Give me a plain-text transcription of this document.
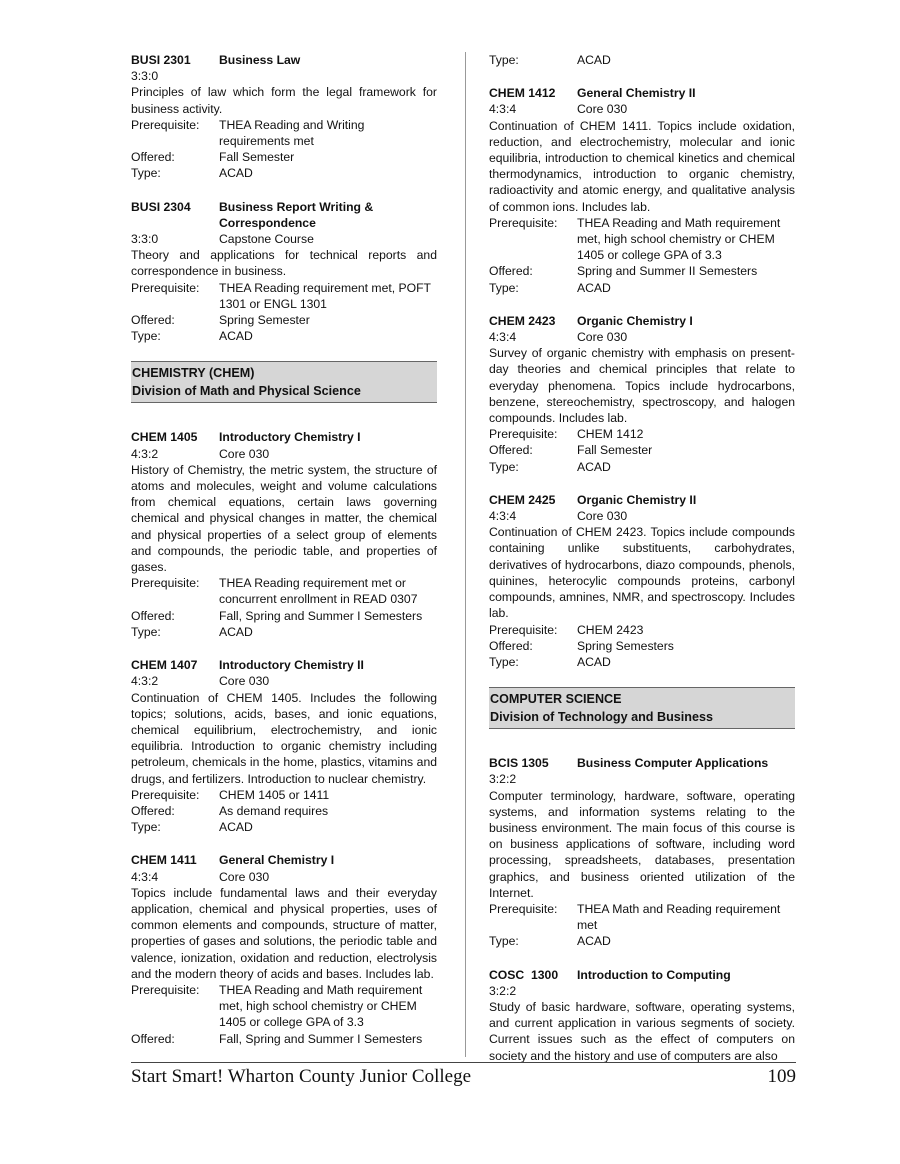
BUSI 2301	Business Law
3:3:0
Principles of law which form the legal framework for business activity.
Prerequisite:	THEA Reading and Writing requirements met
Offered:	Fall Semester
Type:	ACAD
BUSI 2304	Business Report Writing & Correspondence
3:3:0	Capstone Course
Theory and applications for technical reports and correspondence in business.
Prerequisite:	THEA Reading requirement met, POFT 1301 or ENGL 1301
Offered:	Spring Semester
Type:	ACAD
CHEMISTRY (CHEM)
Division of Math and Physical Science
CHEM 1405	Introductory Chemistry I
4:3:2	Core 030
History of Chemistry, the metric system, the structure of atoms and molecules, weight and volume calculations from chemical equations, certain laws governing chemical and physical changes in matter, the chemical and physical properties of a select group of elements and compounds, the periodic table, and properties of gases.
Prerequisite:	THEA Reading requirement met or concurrent enrollment in READ 0307
Offered:	Fall, Spring and Summer I Semesters
Type:	ACAD
CHEM 1407	Introductory Chemistry II
4:3:2	Core 030
Continuation of CHEM 1405. Includes the following topics; solutions, acids, bases, and ionic equations, chemical equilibrium, electrochemistry, and ionic equilibria. Introduction to organic chemistry including petroleum, chemicals in the home, plastics, vitamins and drugs, and fertilizers. Introduction to nuclear chemistry.
Prerequisite:	CHEM 1405 or 1411
Offered:	As demand requires
Type:	ACAD
CHEM 1411	General Chemistry I
4:3:4	Core 030
Topics include fundamental laws and their everyday application, chemical and physical properties, uses of common elements and compounds, structure of matter, properties of gases and solutions, the periodic table and valence, ionization, oxidation and reduction, electrolysis and the modern theory of acids and bases. Includes lab.
Prerequisite:	THEA Reading and Math requirement met, high school chemistry or CHEM 1405 or college GPA of 3.3
Offered:	Fall, Spring and Summer I Semesters
Type:	ACAD
CHEM 1412	General Chemistry II
4:3:4	Core 030
Continuation of CHEM 1411. Topics include oxidation, reduction, and electrochemistry, molecular and ionic equilibria, introduction to chemical kinetics and chemical thermodynamics, introduction to organic chemistry, radioactivity and atomic energy, and qualitative analysis of common ions. Includes lab.
Prerequisite:	THEA Reading and Math requirement met, high school chemistry or CHEM 1405 or college GPA of 3.3
Offered:	Spring and Summer II Semesters
Type:	ACAD
CHEM 2423	Organic Chemistry I
4:3:4	Core 030
Survey of organic chemistry with emphasis on present-day theories and chemical principles that relate to everyday phenomena. Topics include hydrocarbons, benzene, stereochemistry, spectroscopy, and halogen compounds. Includes lab.
Prerequisite:	CHEM 1412
Offered:	Fall Semester
Type:	ACAD
CHEM 2425	Organic Chemistry II
4:3:4	Core 030
Continuation of CHEM 2423. Topics include compounds containing unlike substituents, carbohydrates, derivatives of hydrocarbons, diazo compounds, phenols, quinines, heterocylic compounds proteins, carbonyl compounds, amnines, NMR, and spectroscopy. Includes lab.
Prerequisite:	CHEM 2423
Offered:	Spring Semesters
Type:	ACAD
COMPUTER SCIENCE
Division of Technology and Business
BCIS 1305	Business Computer Applications
3:2:2
Computer terminology, hardware, software, operating systems, and information systems relating to the business environment. The main focus of this course is on business applications of software, including word processing, spreadsheets, databases, presentation graphics, and business oriented utilization of the Internet.
Prerequisite:	THEA Math and Reading requirement met
Type:	ACAD
COSC  1300	Introduction to Computing
3:2:2
Study of basic hardware, software, operating systems, and current application in various segments of society. Current issues such as the effect of computers on society and the history and use of computers are also
Start Smart! Wharton County Junior College	109
